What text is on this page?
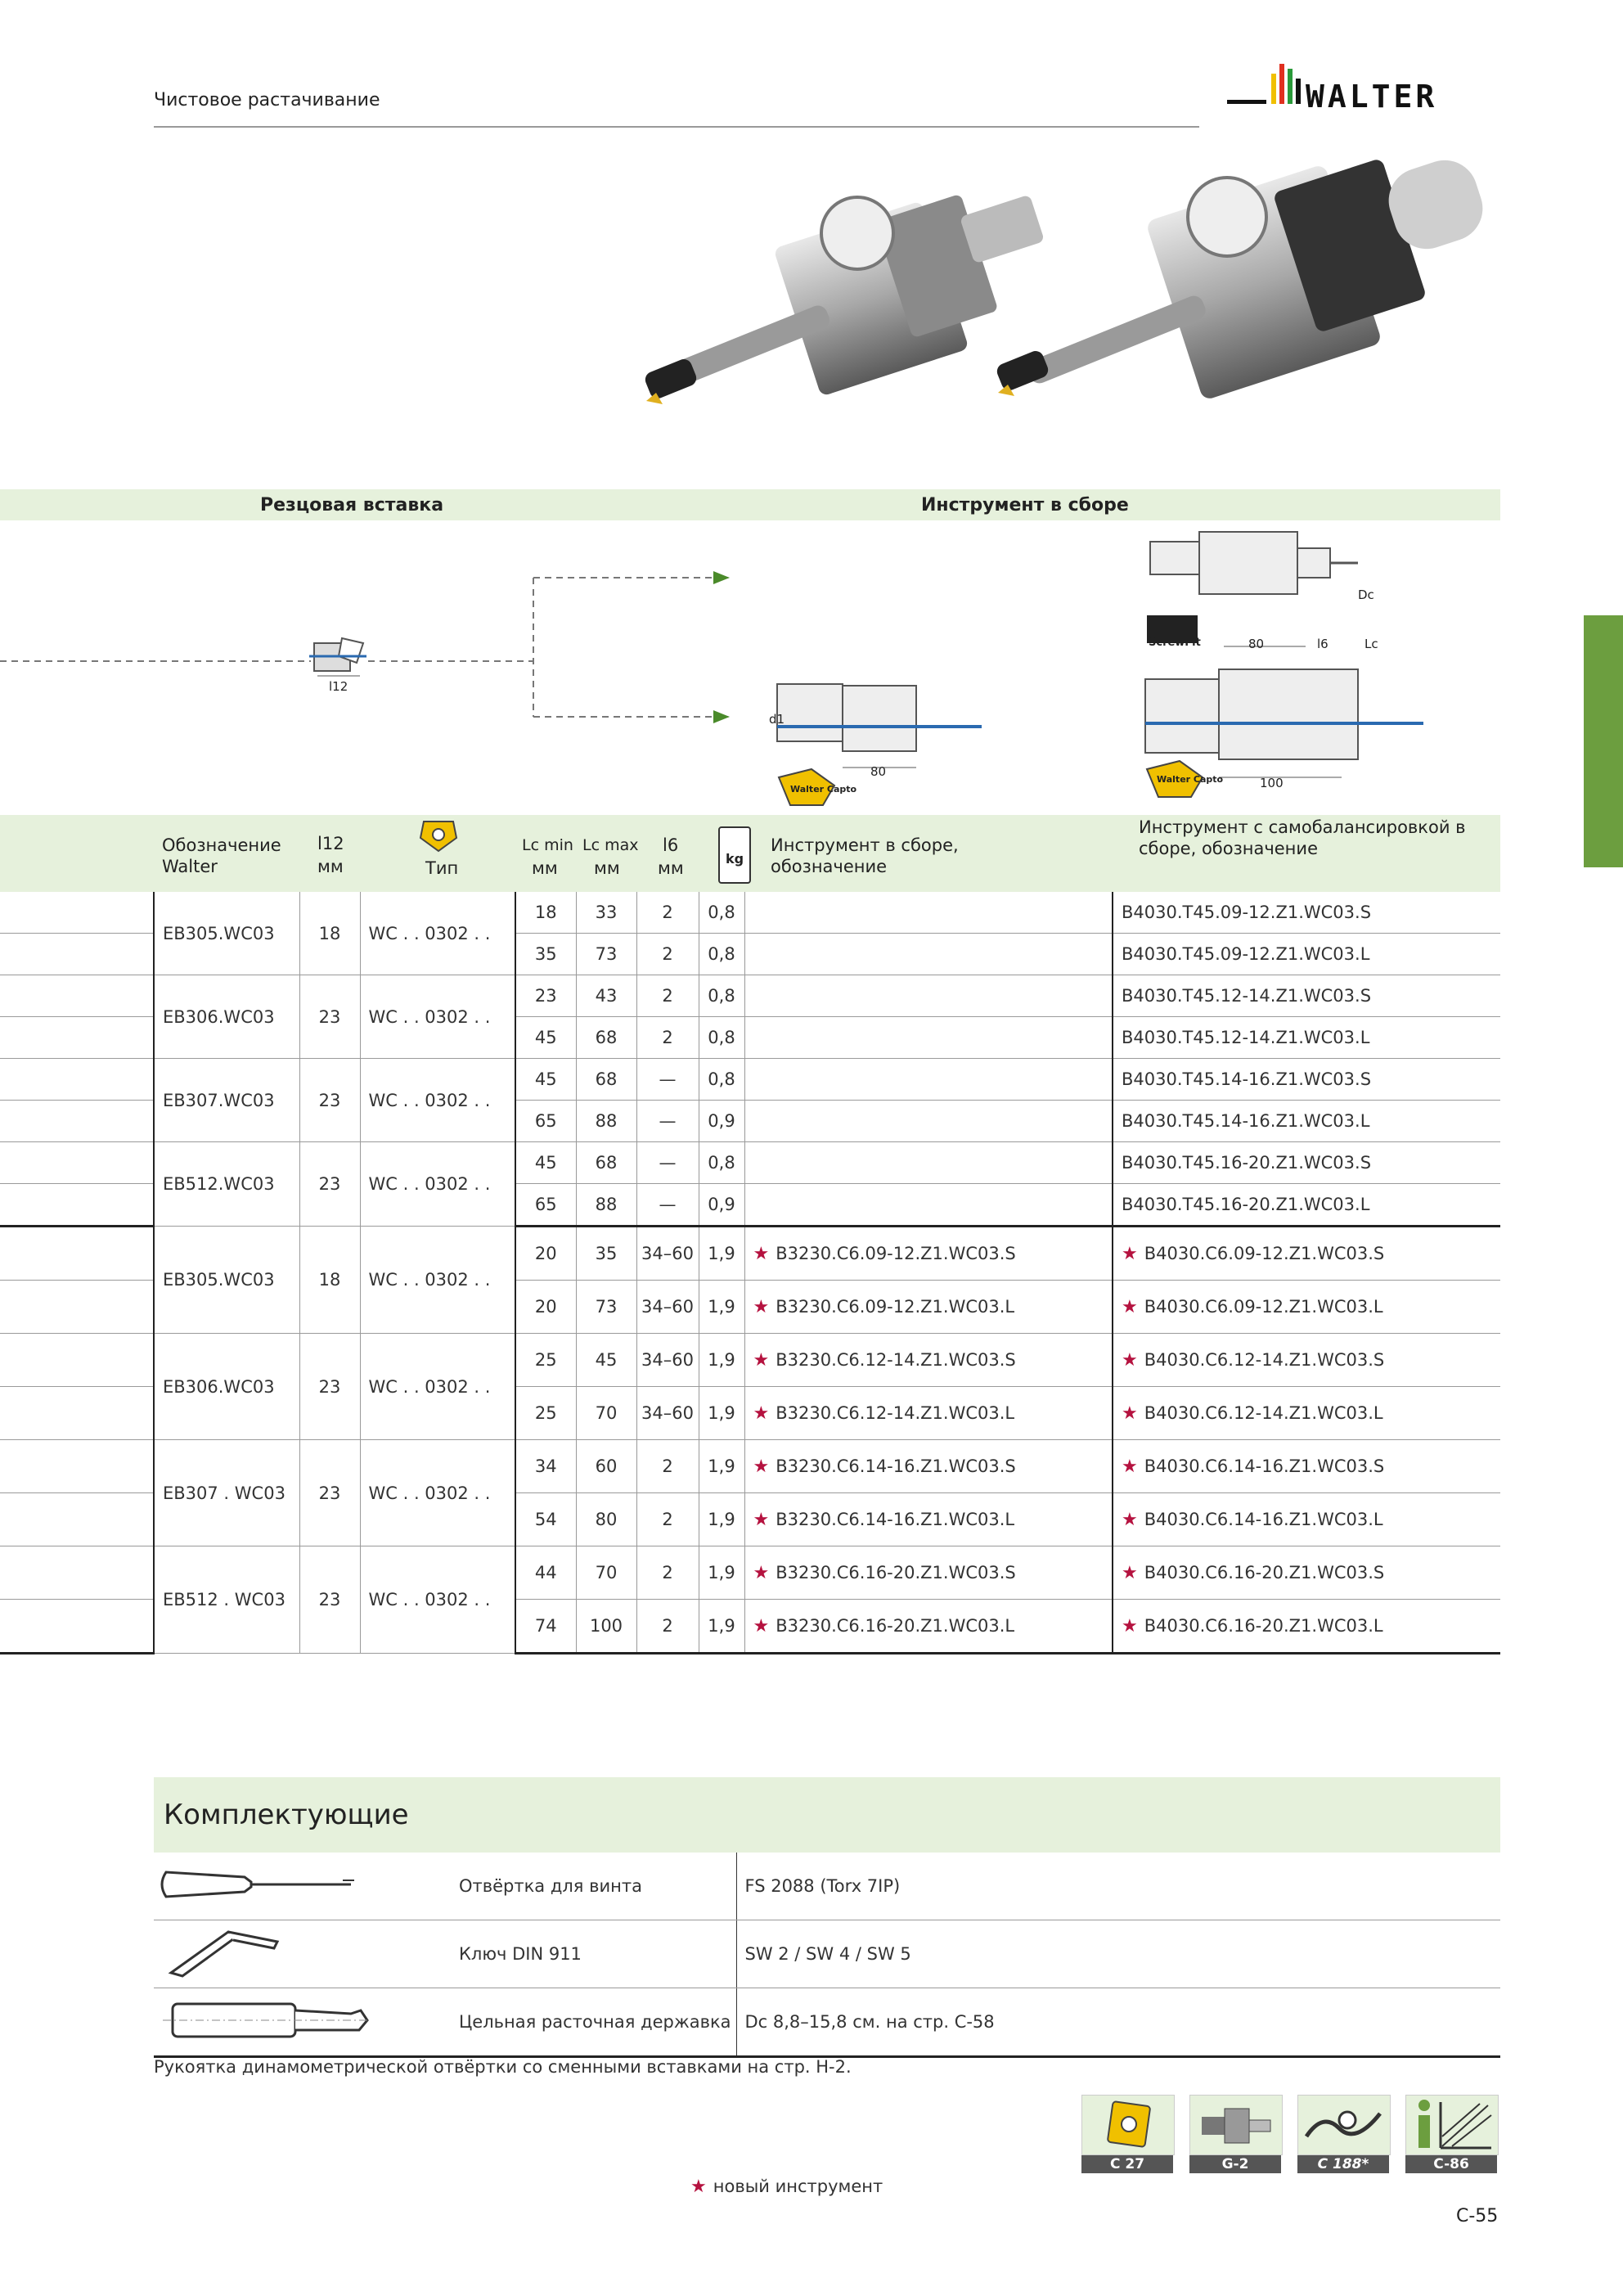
Чистовое растачивание	WALTER
Резцовая вставка	Инструмент в сборе
l12
80
80
100
Dc
l6	Lc
d1
ScrewFit
Walter Capto
Walter Capto
Обозначение Walter
l12
мм	Тип
Lc min
мм
Lc max
мм
l6
мм	kg
Инструмент в сборе, обозначение
Инструмент с самобалансировкой в сборе, обозначение
	EB305.WC03	18	WC . . 0302 . .	18	33	2	0,8		B4030.T45.09-12.Z1.WC03.S
				35	73	2	0,8		B4030.T45.09-12.Z1.WC03.L
	EB306.WC03	23	WC . . 0302 . .	23	43	2	0,8		B4030.T45.12-14.Z1.WC03.S
				45	68	2	0,8		B4030.T45.12-14.Z1.WC03.L
	EB307.WC03	23	WC . . 0302 . .	45	68	—	0,8		B4030.T45.14-16.Z1.WC03.S
				65	88	—	0,9		B4030.T45.14-16.Z1.WC03.L
	EB512.WC03	23	WC . . 0302 . .	45	68	—	0,8		B4030.T45.16-20.Z1.WC03.S
				65	88	—	0,9		B4030.T45.16-20.Z1.WC03.L
	EB305.WC03	18	WC . . 0302 . .	20	35	34–60	1,9	★ B3230.C6.09-12.Z1.WC03.S	★ B4030.C6.09-12.Z1.WC03.S
				20	73	34–60	1,9	★ B3230.C6.09-12.Z1.WC03.L	★ B4030.C6.09-12.Z1.WC03.L
	EB306.WC03	23	WC . . 0302 . .	25	45	34–60	1,9	★ B3230.C6.12-14.Z1.WC03.S	★ B4030.C6.12-14.Z1.WC03.S
				25	70	34–60	1,9	★ B3230.C6.12-14.Z1.WC03.L	★ B4030.C6.12-14.Z1.WC03.L
	EB307 . WC03	23	WC . . 0302 . .	34	60	2	1,9	★ B3230.C6.14-16.Z1.WC03.S	★ B4030.C6.14-16.Z1.WC03.S
				54	80	2	1,9	★ B3230.C6.14-16.Z1.WC03.L	★ B4030.C6.14-16.Z1.WC03.L
	EB512 . WC03	23	WC . . 0302 . .	44	70	2	1,9	★ B3230.C6.16-20.Z1.WC03.S	★ B4030.C6.16-20.Z1.WC03.S
				74	100	2	1,9	★ B3230.C6.16-20.Z1.WC03.L	★ B4030.C6.16-20.Z1.WC03.L
Комплектующие
	Отвёртка для винта	FS 2088 (Torx 7IP)
	Ключ DIN 911	SW 2 / SW 4 / SW 5
	Цельная расточная державка	Dc 8,8–15,8 см. на стр. C-58
Рукоятка динамометрической отвёртки со сменными вставками на стр. H-2.
C 27	G-2	C 188*	C-86
★ новый инструмент
C-55
